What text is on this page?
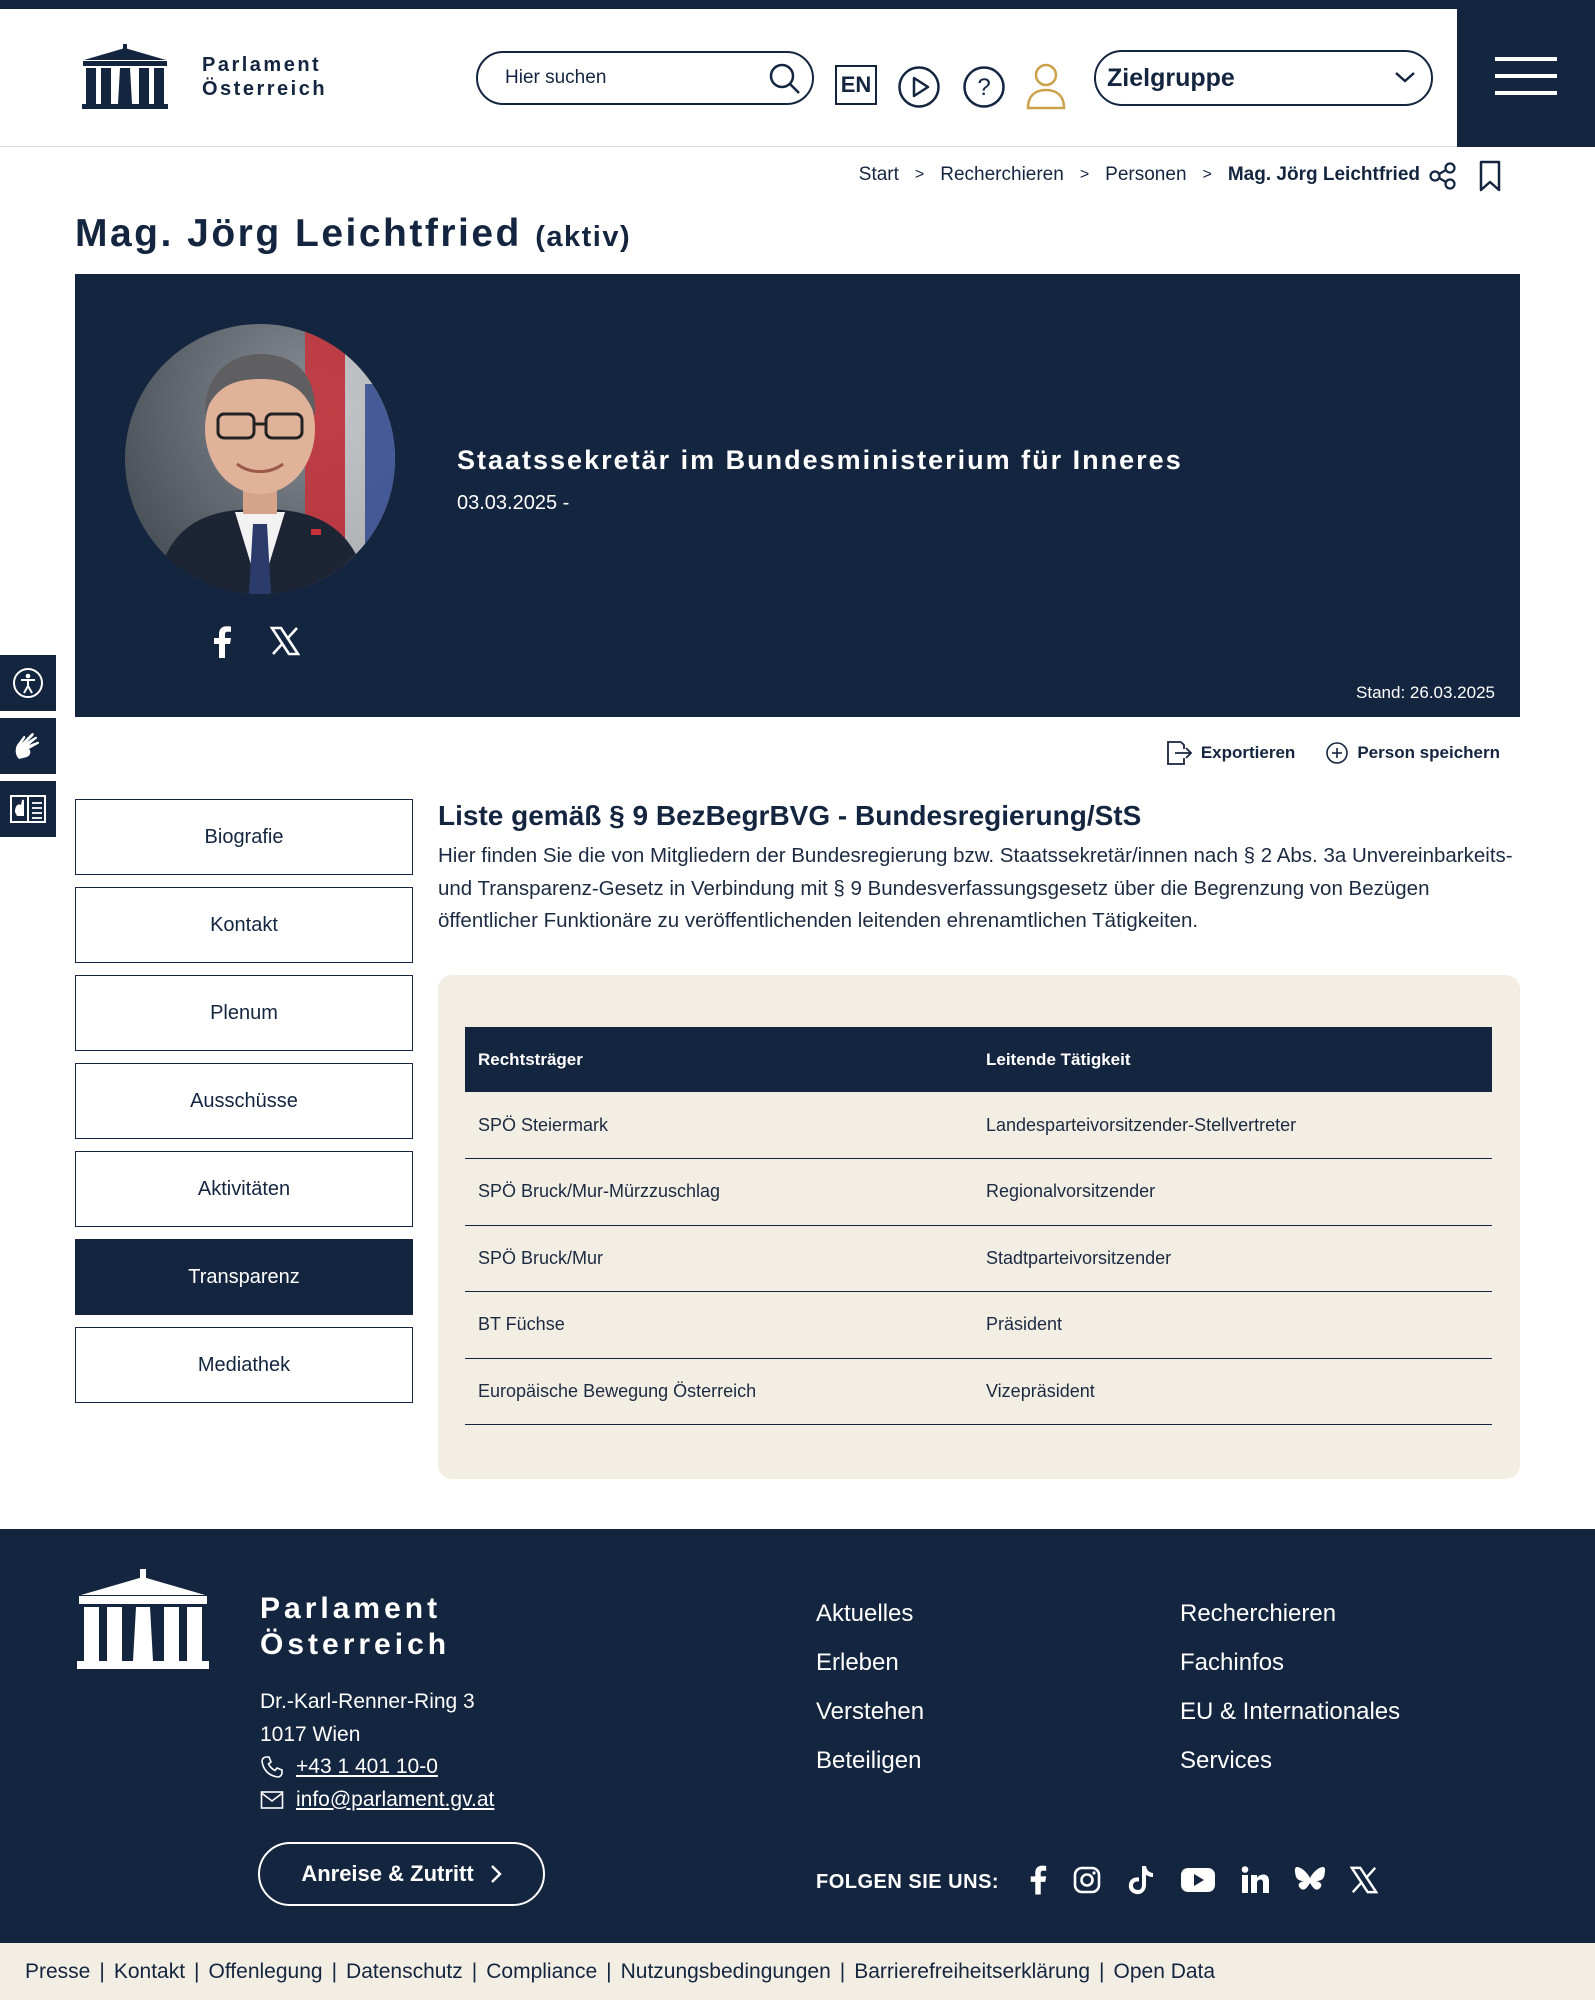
Parlament
Österreich
Hier suchen	EN	?	Zielgruppe
Start > Recherchieren > Personen > Mag. Jörg Leichtfried
Mag. Jörg Leichtfried (aktiv)
Staatssekretär im Bundesministerium für Inneres
03.03.2025 -
Stand: 26.03.2025
Exportieren	Person speichern
Biografie
Kontakt
Plenum
Ausschüsse
Aktivitäten
Transparenz
Mediathek
Liste gemäß § 9 BezBegrBVG - Bundesregierung/StS

Hier finden Sie die von Mitgliedern der Bundesregierung bzw. Staatssekretär/innen nach § 2 Abs. 3a Unvereinbarkeits- und Transparenz-Gesetz in Verbindung mit § 9 Bundesverfassungsgesetz über die Begrenzung von Bezügen öffentlicher Funktionäre zu veröffentlichenden leitenden ehrenamtlichen Tätigkeiten.

Rechtsträger	Leitende Tätigkeit
SPÖ Steiermark	Landesparteivorsitzender-Stellvertreter
SPÖ Bruck/Mur-Mürzzuschlag	Regionalvorsitzender
SPÖ Bruck/Mur	Stadtparteivorsitzender
BT Füchse	Präsident
Europäische Bewegung Österreich	Vizepräsident
Parlament
Österreich
Dr.-Karl-Renner-Ring 3
1017 Wien
+43 1 401 10-0
info@parlament.gv.at
Anreise & Zutritt
Aktuelles
Erleben
Verstehen
Beteiligen
Recherchieren
Fachinfos
EU & Internationales
Services
FOLGEN SIE UNS:
Presse | Kontakt | Offenlegung | Datenschutz | Compliance | Nutzungsbedingungen | Barrierefreiheitserklärung | Open Data
